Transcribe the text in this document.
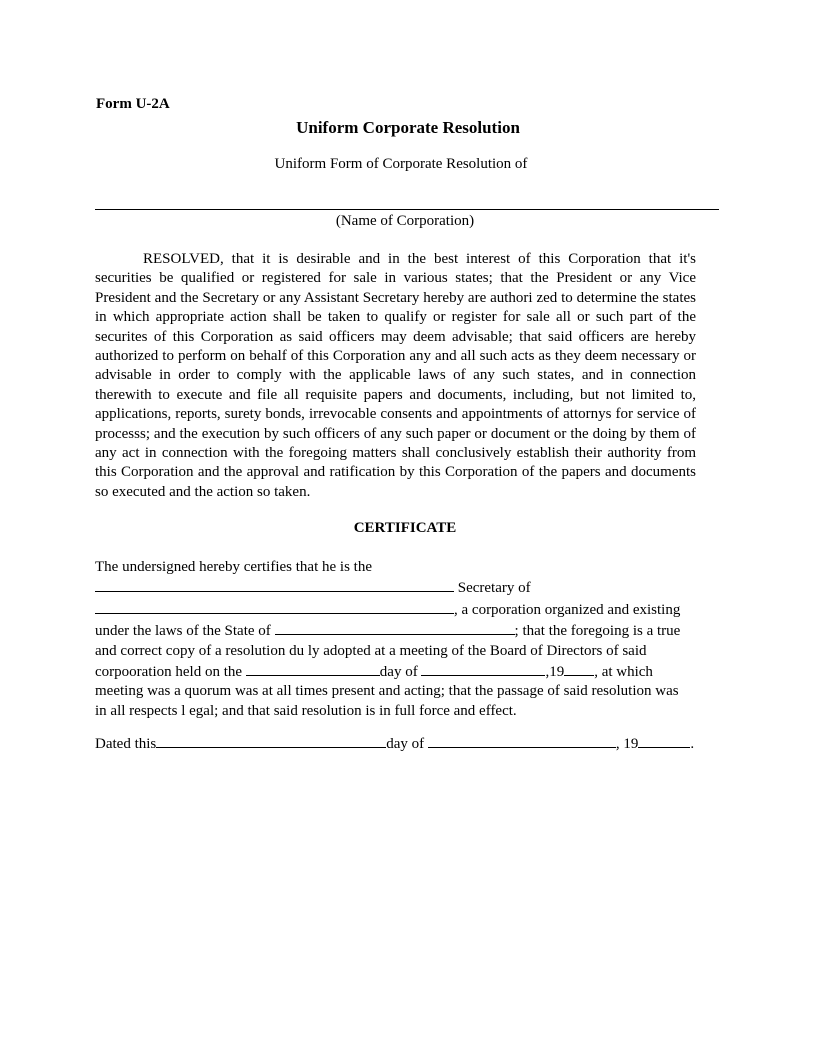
Form U-2A
Uniform Corporate Resolution
Uniform Form of Corporate Resolution of
(Name of Corporation)
RESOLVED, that it is desirable and in the best interest of this Corporation that it's securities be qualified or registered for sale in various states; that the President or any Vice President and the Secretary or any Assistant Secretary hereby are authori zed to determine the states in which appropriate action shall be taken to qualify or register for sale all or such part of the securites of this Corporation as said officers may deem advisable; that said officers are hereby authorized to perform on behalf of this Corporation any and all such acts as they deem necessary or advisable in order to comply with the applicable laws of any such states, and in connection therewith to execute and file all requisite papers and documents, including, but not limited to, applications, reports, surety bonds, irrevocable consents and appointments of attornys for service of processs; and the execution by such officers of any such paper or document or the doing by them of any act in connection with the foregoing matters shall conclusively establish their authority from this Corporation and the approval and ratification by this Corporation of the papers and documents so executed and the action so taken.
CERTIFICATE
The undersigned hereby certifies that he is the
Secretary of
, a corporation organized and existing
under the laws of the State of	; that the foregoing is a true
and correct copy of a resolution du ly adopted at a meeting of the Board of Directors of said
corpooration held on the	day of	,19 , at which
meeting was a quorum was at all times present and acting; that the passage of said resolution was
in all respects l egal; and that said resolution is in full force and effect.
Dated this	day of	, 19	.
